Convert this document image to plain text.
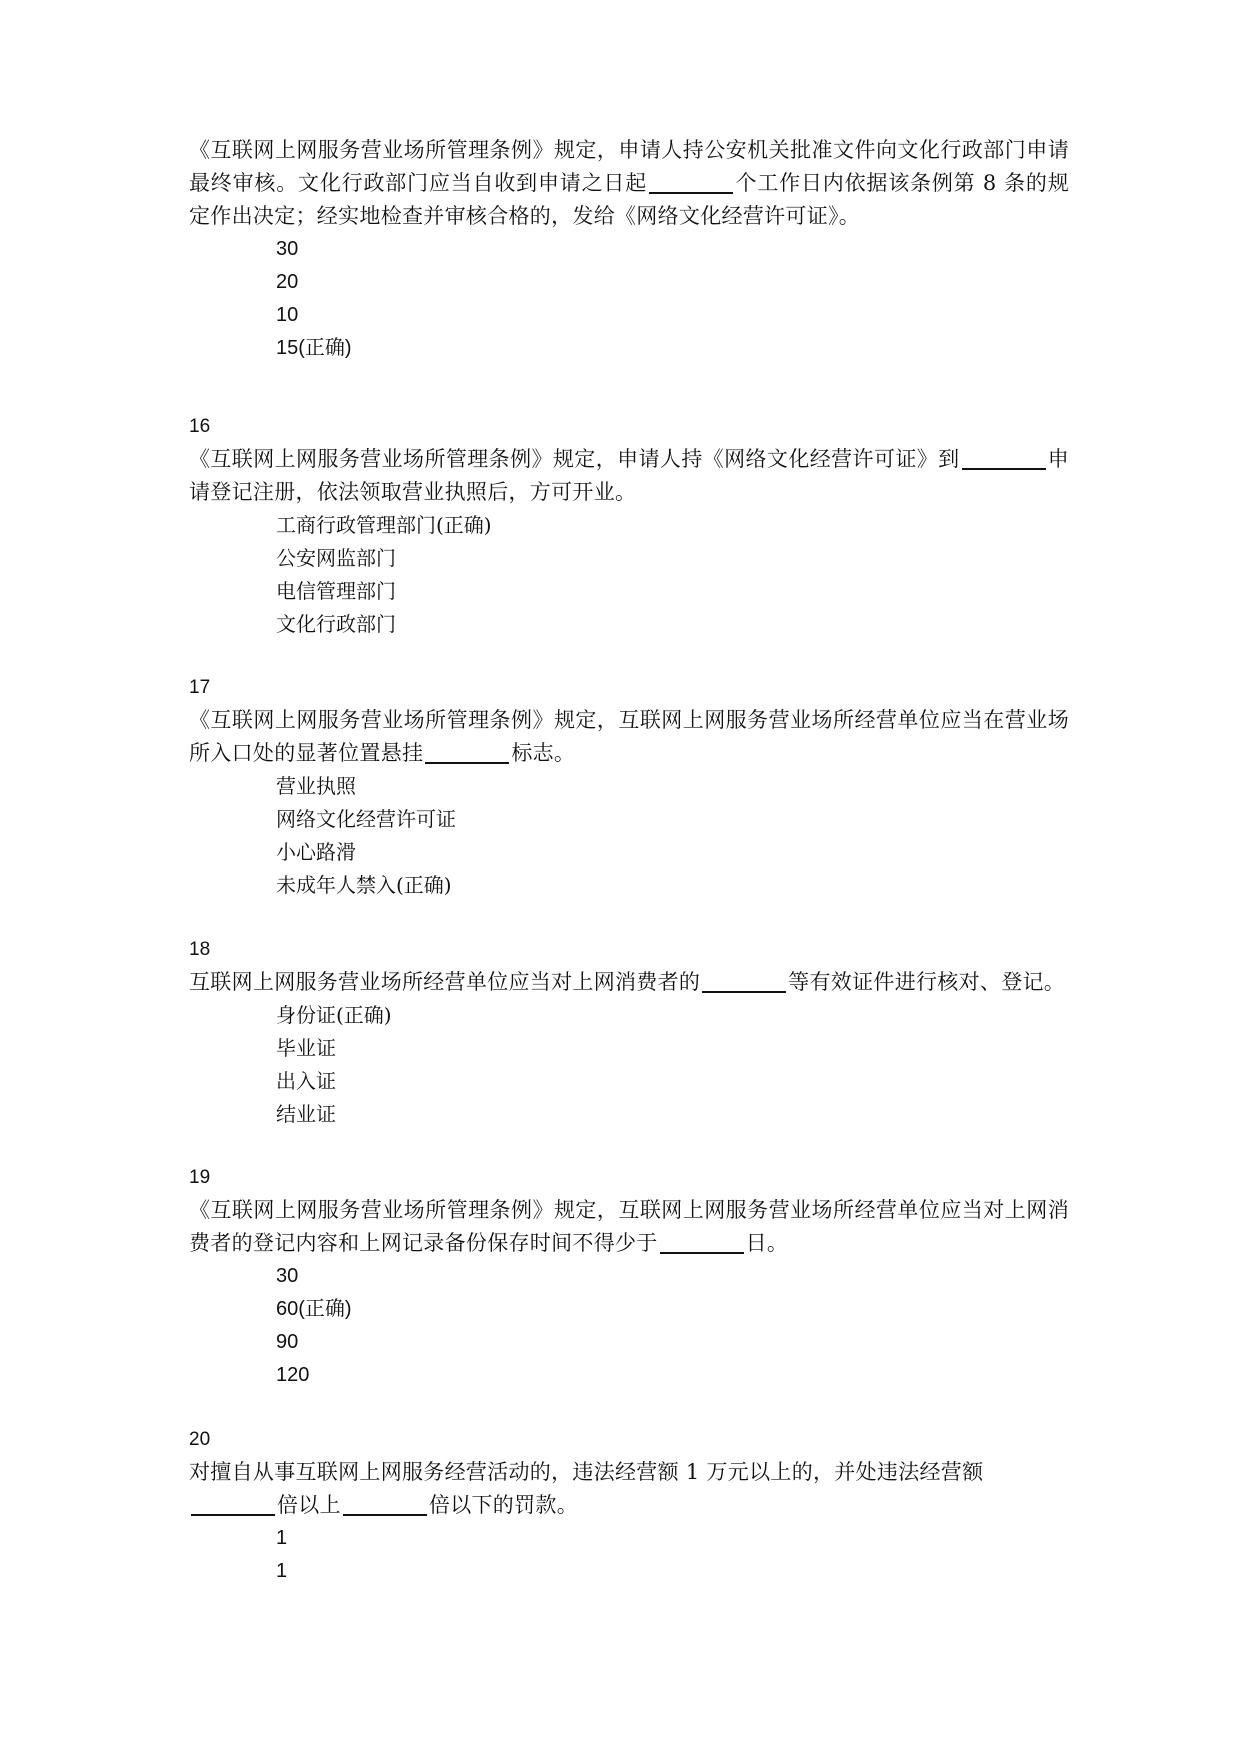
《互联网上网服务营业场所管理条例》规定，申请人持公安机关批准文件向文化行政部门申请最终审核。文化行政部门应当自收到申请之日起	个工作日内依据该条例第 8 条的规定作出决定；经实地检查并审核合格的，发给《网络文化经营许可证》。

30
20
10
15(正确)
16

《互联网上网服务营业场所管理条例》规定，申请人持《网络文化经营许可证》到	申请登记注册，依法领取营业执照后，方可开业。

工商行政管理部门(正确)
公安网监部门
电信管理部门
文化行政部门
17

《互联网上网服务营业场所管理条例》规定，互联网上网服务营业场所经营单位应当在营业场所入口处的显著位置悬挂	标志。

营业执照
网络文化经营许可证
小心路滑
未成年人禁入(正确)
18

互联网上网服务营业场所经营单位应当对上网消费者的	等有效证件进行核对、登记。

身份证(正确)
毕业证
出入证
结业证
19

《互联网上网服务营业场所管理条例》规定，互联网上网服务营业场所经营单位应当对上网消费者的登记内容和上网记录备份保存时间不得少于	日。

30
60(正确)
90
120
20

对擅自从事互联网上网服务经营活动的，违法经营额 1 万元以上的，并处违法经营额
倍以上	倍以下的罚款。

1
1
